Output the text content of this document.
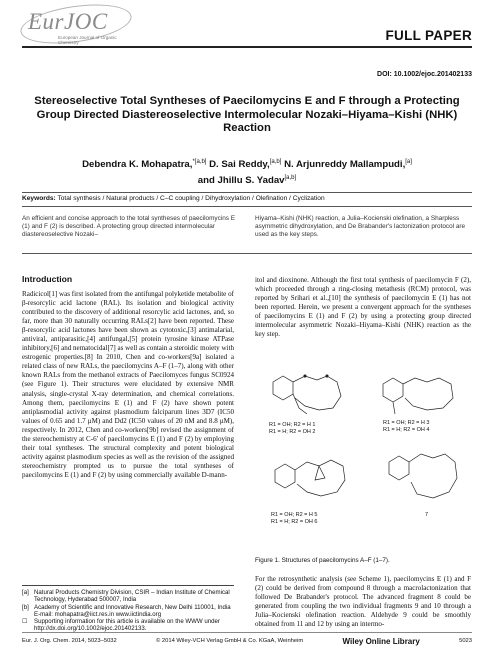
EurJOC
European Journal of Organic Chemistry	FULL PAPER
DOI: 10.1002/ejoc.201402133
Stereoselective Total Syntheses of Paecilomycins E and F through a Protecting Group Directed Diastereoselective Intermolecular Nozaki–Hiyama–Kishi (NHK) Reaction
Debendra K. Mohapatra,$^{*[a,b]}$ D. Sai Reddy,[a,b] N. Arjunreddy Mallampudi,[a]
and Jhillu S. Yadav[a,b]
Keywords: Total synthesis / Natural products / C–C coupling / Dihydroxylation / Olefination / Cyclization
An efficient and concise approach to the total syntheses of paecilomycins E (1) and F (2) is described. A protecting group directed intermolecular diastereoselective Nozaki–
Hiyama–Kishi (NHK) reaction, a Julia–Kocienski olefination, a Sharpless asymmetric dihydroxylation, and De Brabander's lactonization protocol are used as the key steps.
Introduction
Radicicol[1] was first isolated from the antifungal polyketide metabolite of β-resorcylic acid lactone (RAL). Its isolation and biological activity contributed to the discovery of additional resorcylic acid lactones, and, so far, more than 30 naturally occurring RALs[2] have been reported. These β-resorcylic acid lactones have been shown as cytotoxic,[3] antimalarial, antiviral, antiparasitic,[4] antifungal,[5] protein tyrosine kinase ATPase inhibitory,[6] and nematocidal[7] as well as contain a steroidic moiety with estrogenic properties.[8] In 2010, Chen and co-workers[9a] isolated a related class of new RALs, the paecilomycins A–F (1–7), along with other known RALs from the methanol extracts of Paecilomyces fungus SC0924 (see Figure 1). Their structures were elucidated by extensive NMR analysis, single-crystal X-ray determination, and chemical correlations. Among them, paecilomycins E (1) and F (2) have shown potent antiplasmodial activity against plasmodium falciparum lines 3D7 (IC50 values of 0.65 and 1.7 μM) and Dd2 (IC50 values of 20 nM and 8.8 μM), respectively. In 2012, Chen and co-workers[9b] revised the assignment of the stereochemistry at C-6′ of paecilomycins E (1) and F (2) by employing their total syntheses. The structural complexity and potent biological activity against plasmodium species as well as the revision of the assigned stereochemistry prompted us to pursue the total syntheses of paecilomycins E (1) and F (2) by using commercially available D-mann-
itol and dioxinone. Although the first total synthesis of paecilomycin F (2), which proceeded through a ring-closing metathesis (RCM) protocol, was reported by Srihari et al.,[10] the synthesis of paecilomycin E (1) has not been reported. Herein, we present a convergent approach for the syntheses of paecilomycins E (1) and F (2) by using a protecting group directed intermolecular asymmetric Nozaki–Hiyama–Kishi (NHK) reaction as the key step.
R1 = OH; R2 = H 1
R1 = H; R2 = OH 2
R1 = OH; R2 = H 3
R1 = H; R2 = OH 4
R1 = OH; R2 = H 5
R1 = H; R2 = OH 6
7
Figure 1. Structures of paecilomycins A–F (1–7).
For the retrosynthetic analysis (see Scheme 1), paecilomycins E (1) and F (2) could be derived from compound 8 through a macrolactonization that followed De Brabander's protocol. The advanced fragment 8 could be generated from coupling the two individual fragments 9 and 10 through a Julia–Kocienski olefination reaction. Aldehyde 9 could be smoothly obtained from 11 and 12 by using an intermo-
[a] Natural Products Chemistry Division, CSIR – Indian Institute of Chemical Technology, Hyderabad 500007, India
[b] Academy of Scientific and Innovative Research, New Delhi 110001, India E-mail: mohapatra@iict.res.in www.iictindia.org
☐	Supporting information for this article is available on the WWW under http://dx.doi.org/10.1002/ejoc.201402133.
Eur. J. Org. Chem. 2014, 5023–5032	© 2014 Wiley-VCH Verlag GmbH & Co. KGaA, Weinheim	Wiley Online Library	5023
